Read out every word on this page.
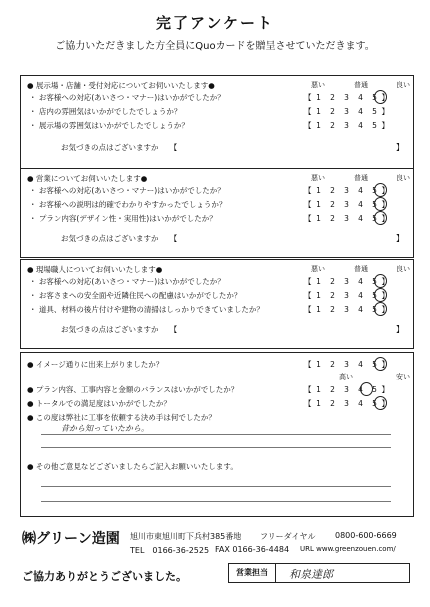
完了アンケート
ご協力いただきました方全員にQuoカードを贈呈させていただきます。
● 展示場・店舗・受付対応についてお伺いいたします●	悪い	普通	良い
・ お客様への対応(あいさつ・マナー)はいかがでしたか？	【 1 2 3 4 5 】
・ 店内の雰囲気はいかがでしたでしょうか？	【 1 2 3 4 5 】
・ 展示場の雰囲気はいかがでしたでしょうか？	【 1 2 3 4 5 】
お気づきの点はございますか　　【	】
● 営業についてお伺いいたします●	悪い	普通	良い
・ お客様への対応(あいさつ・マナー)はいかがでしたか？	【 1 2 3 4 5 】
・ お客様への説明は的確でわかりやすかったでしょうか？	【 1 2 3 4 5 】
・ プラン内容(デザイン性・実用性)はいかがでしたか？	【 1 2 3 4 5 】
お気づきの点はございますか　　【	】
● 現場職人についてお伺いいたします●	悪い	普通	良い
・ お客様への対応(あいさつ・マナー)はいかがでしたか？	【 1 2 3 4 5 】
・ お客さまへの安全面や近隣住民への配慮はいかがでしたか？	【 1 2 3 4 5 】
・ 道具、材料の後片付けや建物の清掃はしっかりできていましたか？	【 1 2 3 4 5 】
お気づきの点はございますか　　【	】
● イメージ通りに出来上がりましたか？	【 1 2 3 4 5 】
高い	安い
● プラン内容、工事内容と金額のバランスはいかがでしたか？	【 1 2 3 4 5 】
● トータルでの満足度はいかがでしたか？	【 1 2 3 4 5 】
● この度は弊社に工事を依頼する決め手は何でしたか？
昔から知っていたから。
● その他ご意見などございましたらご記入お願いいたします。
㈱グリーン造園 旭川市東旭川町下兵村385番地 フリーダイヤル 0800-600-6669
TEL　0166-36-2525 FAX 0166-36-4484 URL www.greenzouen.com/
ご協力ありがとうございました。	営業担当	和泉達郎
